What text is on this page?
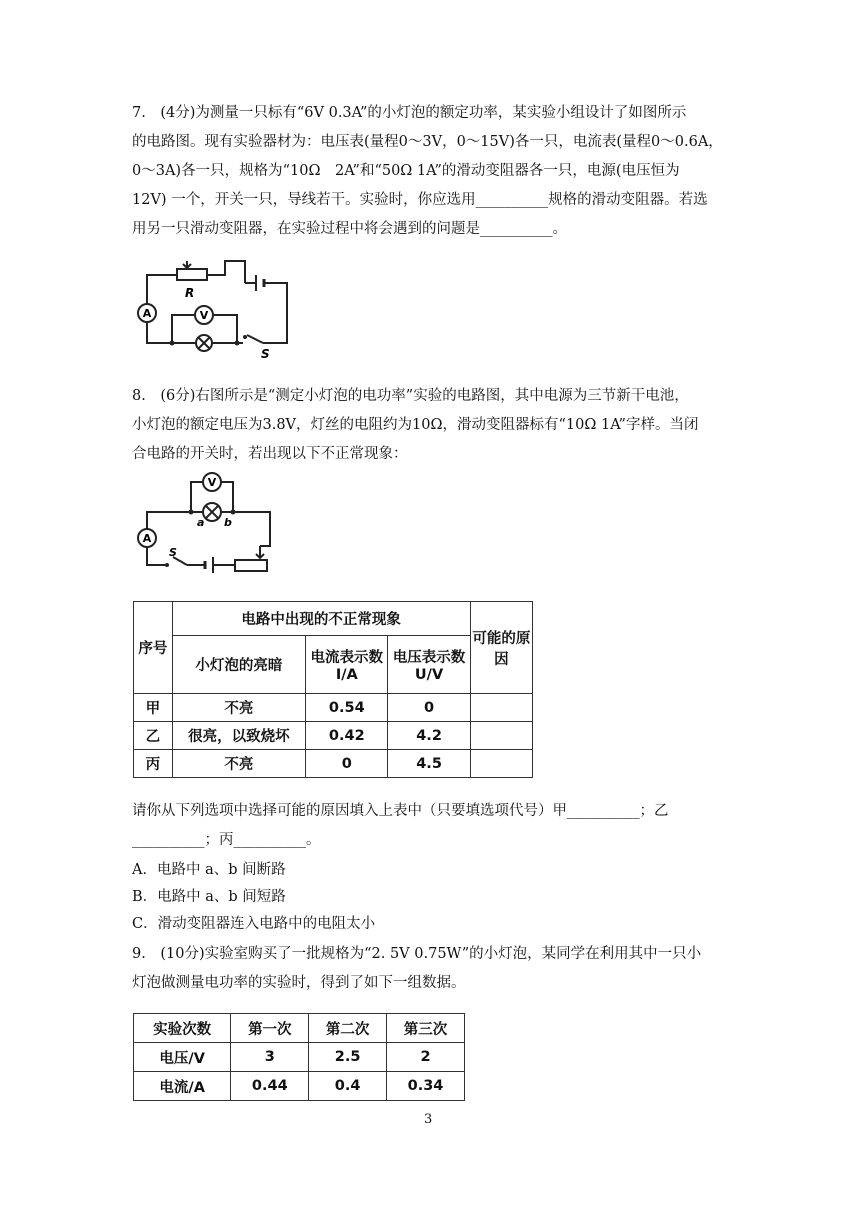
7.　(4分)为测量一只标有“6V 0.3A”的小灯泡的额定功率，某实验小组设计了如图所示
的电路图。现有实验器材为：电压表(量程0～3V，0～15V)各一只，电流表(量程0～0.6A，
0～3A)各一只，规格为“10Ω　2A”和“50Ω 1A”的滑动变阻器各一只，电源(电压恒为
12V) 一个，开关一只，导线若干。实验时，你应选用__________规格的滑动变阻器。若选
用另一只滑动变阻器，在实验过程中将会遇到的问题是__________。

A	V
R
S

8.　(6分)右图所示是“测定小灯泡的电功率”实验的电路图，其中电源为三节新干电池，
小灯泡的额定电压为3.8V，灯丝的电阻约为10Ω，滑动变阻器标有“10Ω 1A”字样。当闭
合电路的开关时，若出现以下不正常现象：

A
V
a b
S
序号	电路中出现的不正常现象			可能的原因
	小灯泡的亮暗	电流表示数 I/A	电压表示数 U/V	
甲	不亮	0.54	0	
乙	很亮，以致烧坏	0.42	4.2	
丙	不亮	0	4.5	

请你从下列选项中选择可能的原因填入上表中（只要填选项代号）甲__________；乙
__________；丙__________。

A．电路中 a、b 间断路
B．电路中 a、b 间短路
C．滑动变阻器连入电路中的电阻太小

9.　(10分)实验室购买了一批规格为“2. 5V 0.75W”的小灯泡，某同学在利用其中一只小
灯泡做测量电功率的实验时，得到了如下一组数据。

实验次数	第一次	第二次	第三次
电压/V	3	2.5	2
电流/A	0.44	0.4	0.34
3
